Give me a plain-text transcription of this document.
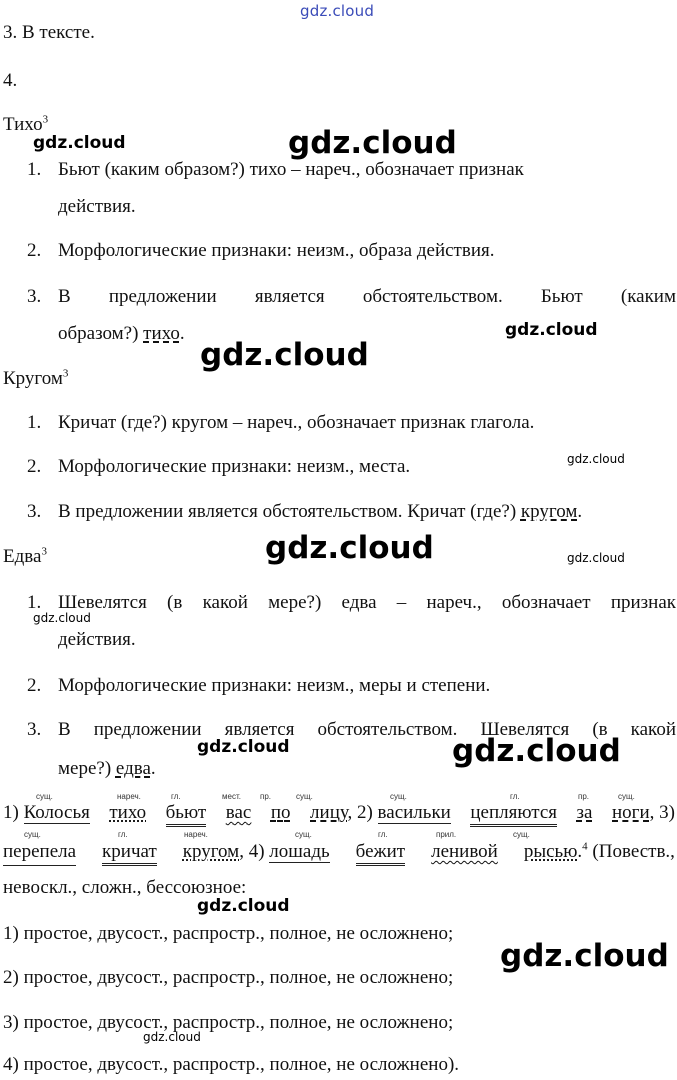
gdz.cloud
gdz.cloud	gdz.cloud
gdz.cloud
gdz.cloud
gdz.cloud
gdz.cloud	gdz.cloud
gdz.cloud
gdz.cloud	gdz.cloud
gdz.cloud
gdz.cloud
gdz.cloud
3. В тексте.
4.
Тихо$^3$
1. Бьют (каким образом?) тихо – нареч., обозначает признак
действия.
2. Морфологические признаки: неизм., образа действия.
3. В предложении является обстоятельством. Бьют (каким
образом?) тихо.
Кругом$^3$
1. Кричат (где?) кругом – нареч., обозначает признак глагола.
2. Морфологические признаки: неизм., места.
3. В предложении является обстоятельством. Кричат (где?) кругом.
Едва$^3$
1. Шевелятся (в какой мере?) едва – нареч., обозначает признак
действия.
2. Морфологические признаки: неизм., меры и степени.
3. В предложении является обстоятельством. Шевелятся (в какой
мере?) едва.
сущ.	нареч.	гл.	мест. пр.	сущ.	сущ.	гл.	пр.	сущ.
1) Колосья тихо бьют вас по лицу, 2) васильки цепляются за ноги, 3)
сущ.	гл.	нареч.	сущ.	гл.	прил.	сущ.
перепела кричат кругом, 4) лошадь бежит ленивой рысью.$^4$ (Повеств.,
невоскл., сложн., бессоюзное:
1) простое, двусост., распростр., полное, не осложнено;
2) простое, двусост., распростр., полное, не осложнено;
3) простое, двусост., распростр., полное, не осложнено;
4) простое, двусост., распростр., полное, не осложнено).
